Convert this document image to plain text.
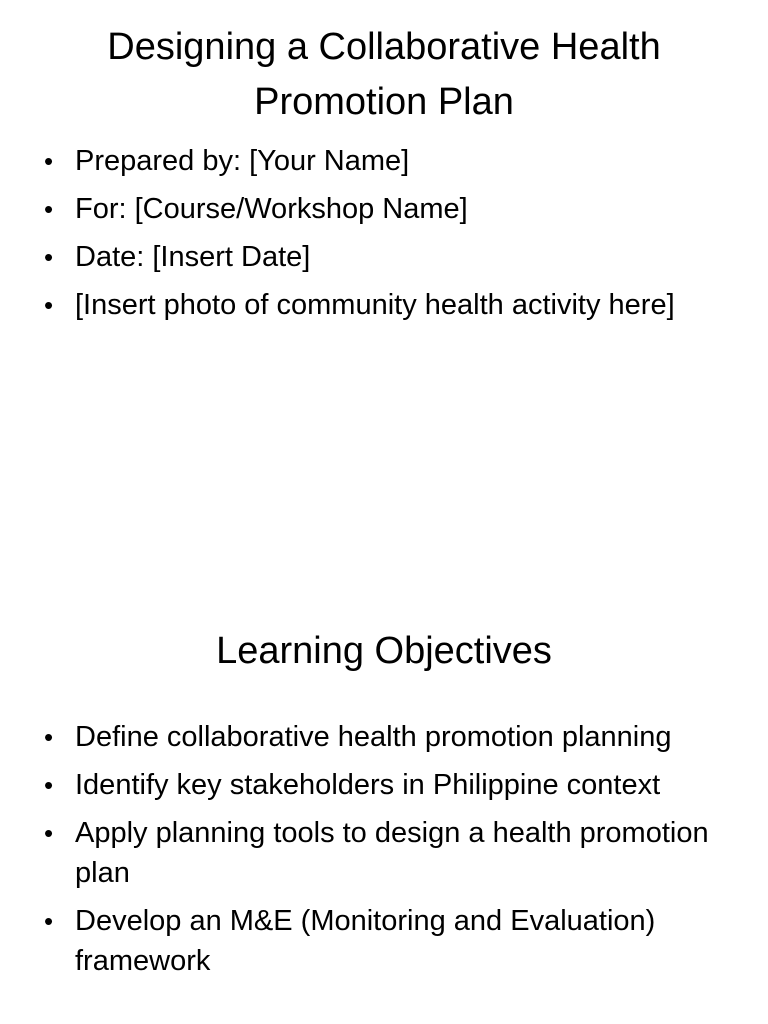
Designing a Collaborative Health Promotion Plan
• Prepared by: [Your Name]
• For: [Course/Workshop Name]
• Date: [Insert Date]
• [Insert photo of community health activity here]
Learning Objectives
• Define collaborative health promotion planning
• Identify key stakeholders in Philippine context
• Apply planning tools to design a health promotion plan
• Develop an M&E (Monitoring and Evaluation) framework
